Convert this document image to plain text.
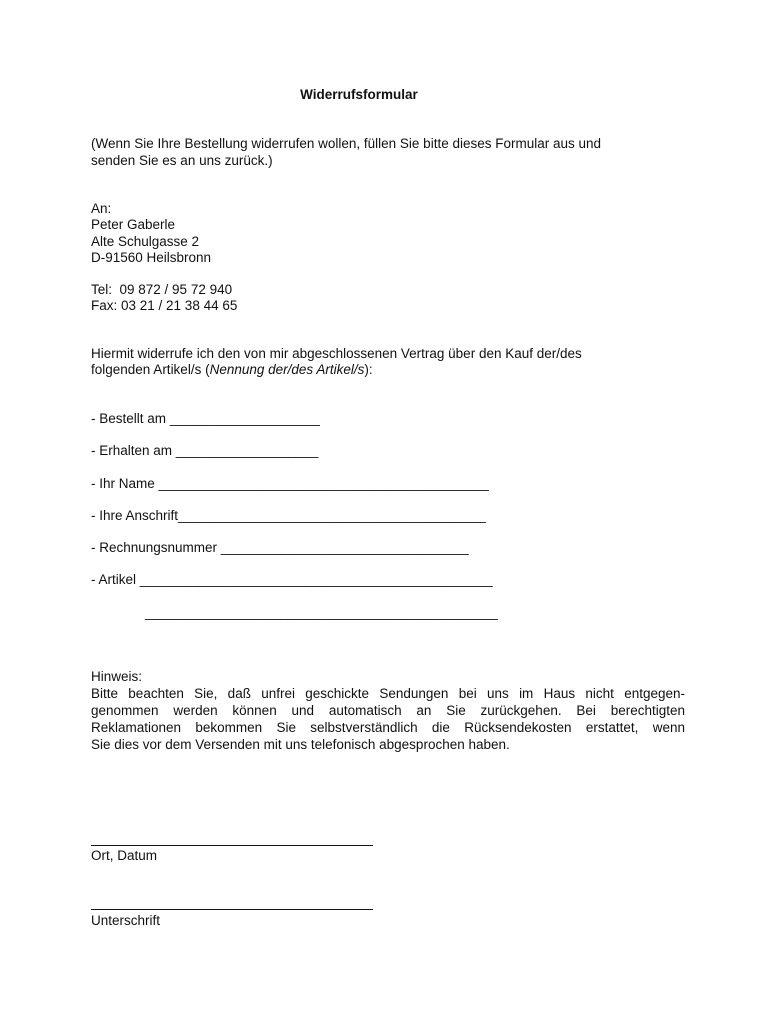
Widerrufsformular
(Wenn Sie Ihre Bestellung widerrufen wollen, füllen Sie bitte dieses Formular aus und
senden Sie es an uns zurück.)
An:
Peter Gaberle
Alte Schulgasse 2
D-91560 Heilsbronn
Tel:  09 872 / 95 72 940
Fax: 03 21 / 21 38 44 65
Hiermit widerrufe ich den von mir abgeschlossenen Vertrag über den Kauf der/des
folgenden Artikel/s (Nennung der/des Artikel/s):
- Bestellt am ____________________
- Erhalten am ___________________
- Ihr Name ____________________________________________
- Ihre Anschrift_________________________________________
- Rechnungsnummer _________________________________
- Artikel _______________________________________________
_______________________________________________
Hinweis:
Bitte beachten Sie, daß unfrei geschickte Sendungen bei uns im Haus nicht entgegen-
genommen werden können und automatisch an Sie zurückgehen. Bei berechtigten
Reklamationen bekommen Sie selbstverständlich die Rücksendekosten erstattet, wenn
Sie dies vor dem Versenden mit uns telefonisch abgesprochen haben.
Ort, Datum
Unterschrift
